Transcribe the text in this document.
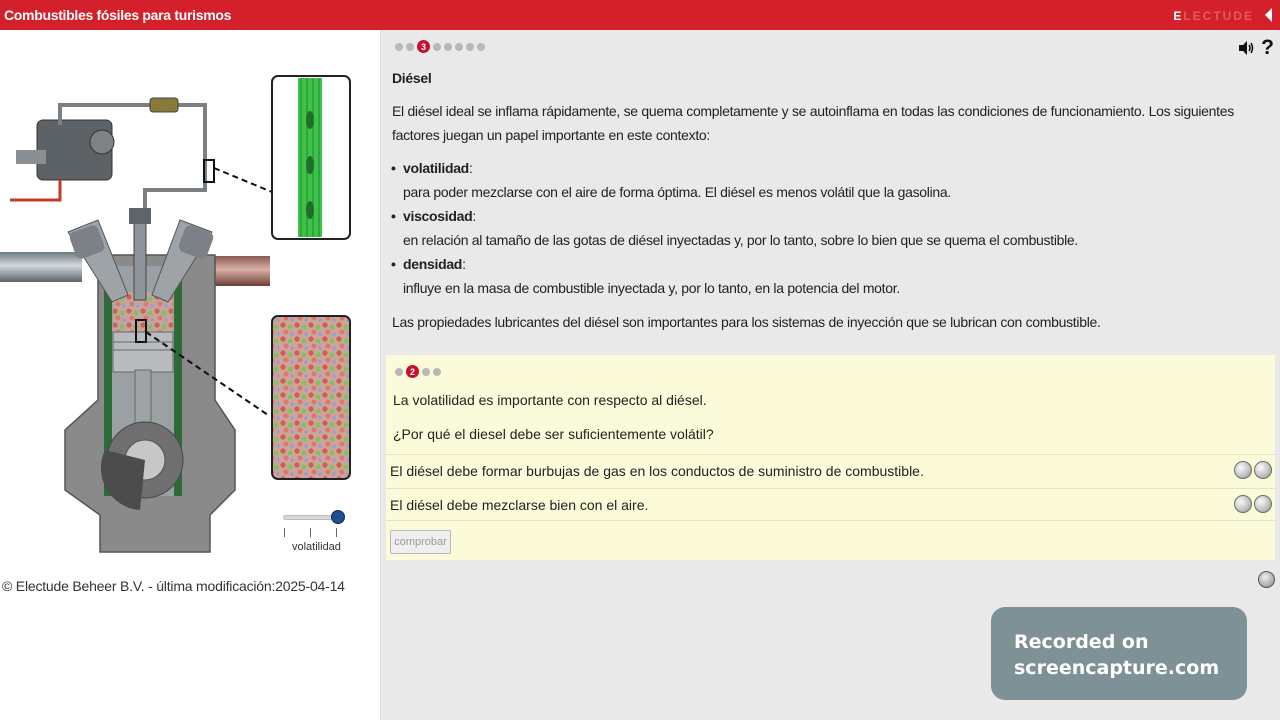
Combustibles fósiles para turismos	ELECTUDE
volatilidad
© Electude Beheer B.V. - última modificación:2025-04-14
3	?
Diésel

El diésel ideal se inflama rápidamente, se quema completamente y se autoinflama en todas las condiciones de funcionamiento. Los siguientes factores juegan un papel importante en este contexto:

• volatilidad:
para poder mezclarse con el aire de forma óptima. El diésel es menos volátil que la gasolina.
• viscosidad:
en relación al tamaño de las gotas de diésel inyectadas y, por lo tanto, sobre lo bien que se quema el combustible.
• densidad:
influye en la masa de combustible inyectada y, por lo tanto, en la potencia del motor.

Las propiedades lubricantes del diésel son importantes para los sistemas de inyección que se lubrican con combustible.

2
La volatilidad es importante con respecto al diésel.
¿Por qué el diesel debe ser suficientemente volátil?
El diésel debe formar burbujas de gas en los conductos de suministro de combustible.
El diésel debe mezclarse bien con el aire.
comprobar
Recorded on
screencapture.com
